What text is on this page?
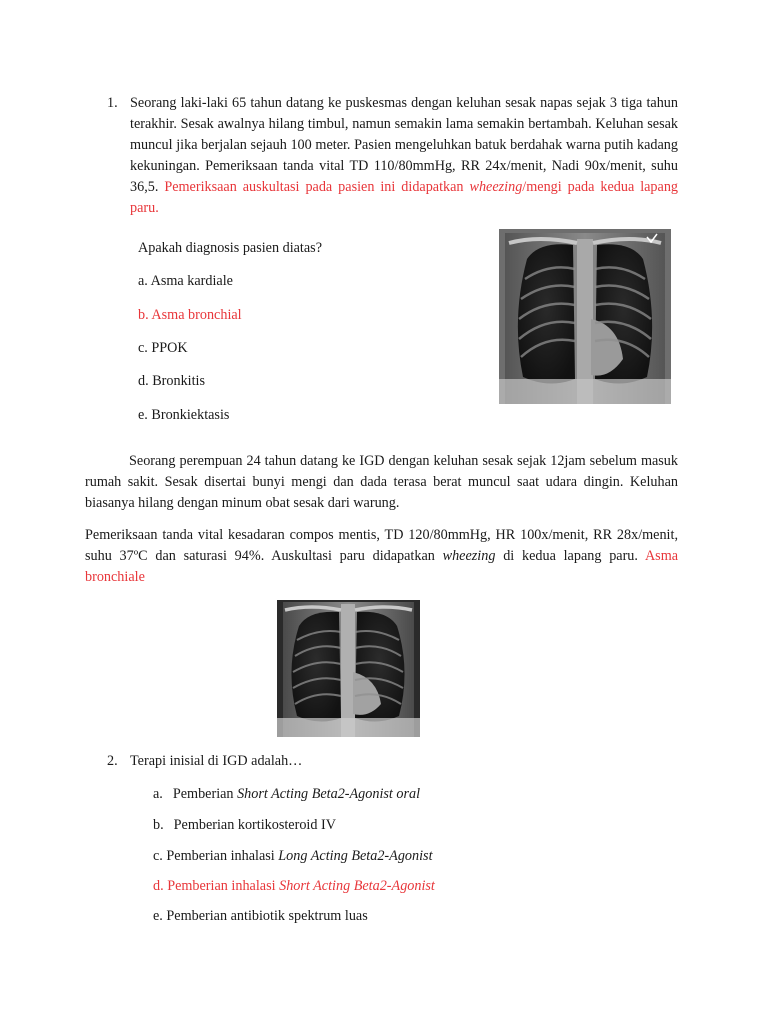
1. Seorang laki-laki 65 tahun datang ke puskesmas dengan keluhan sesak napas sejak 3 tiga tahun terakhir. Sesak awalnya hilang timbul, namun semakin lama semakin bertambah. Keluhan sesak muncul jika berjalan sejauh 100 meter. Pasien mengeluhkan batuk berdahak warna putih kadang kekuningan. Pemeriksaan tanda vital TD 110/80mmHg, RR 24x/menit, Nadi 90x/menit, suhu 36,5. Pemeriksaan auskultasi pada pasien ini didapatkan wheezing/mengi pada kedua lapang paru.
Apakah diagnosis pasien diatas?
a. Asma kardiale
b. Asma bronchial
c. PPOK
d. Bronkitis
e. Bronkiektasis
Seorang perempuan 24 tahun datang ke IGD dengan keluhan sesak sejak 12jam sebelum masuk rumah sakit. Sesak disertai bunyi mengi dan dada terasa berat muncul saat udara dingin. Keluhan biasanya hilang dengan minum obat sesak dari warung.
Pemeriksaan tanda vital kesadaran compos mentis, TD 120/80mmHg, HR 100x/menit, RR 28x/menit, suhu 37ºC dan saturasi 94%. Auskultasi paru didapatkan wheezing di kedua lapang paru. Asma bronchiale
2. Terapi inisial di IGD adalah…
a. Pemberian Short Acting Beta2-Agonist oral
b. Pemberian kortikosteroid IV
c. Pemberian inhalasi Long Acting Beta2-Agonist
d. Pemberian inhalasi Short Acting Beta2-Agonist
e. Pemberian antibiotik spektrum luas
